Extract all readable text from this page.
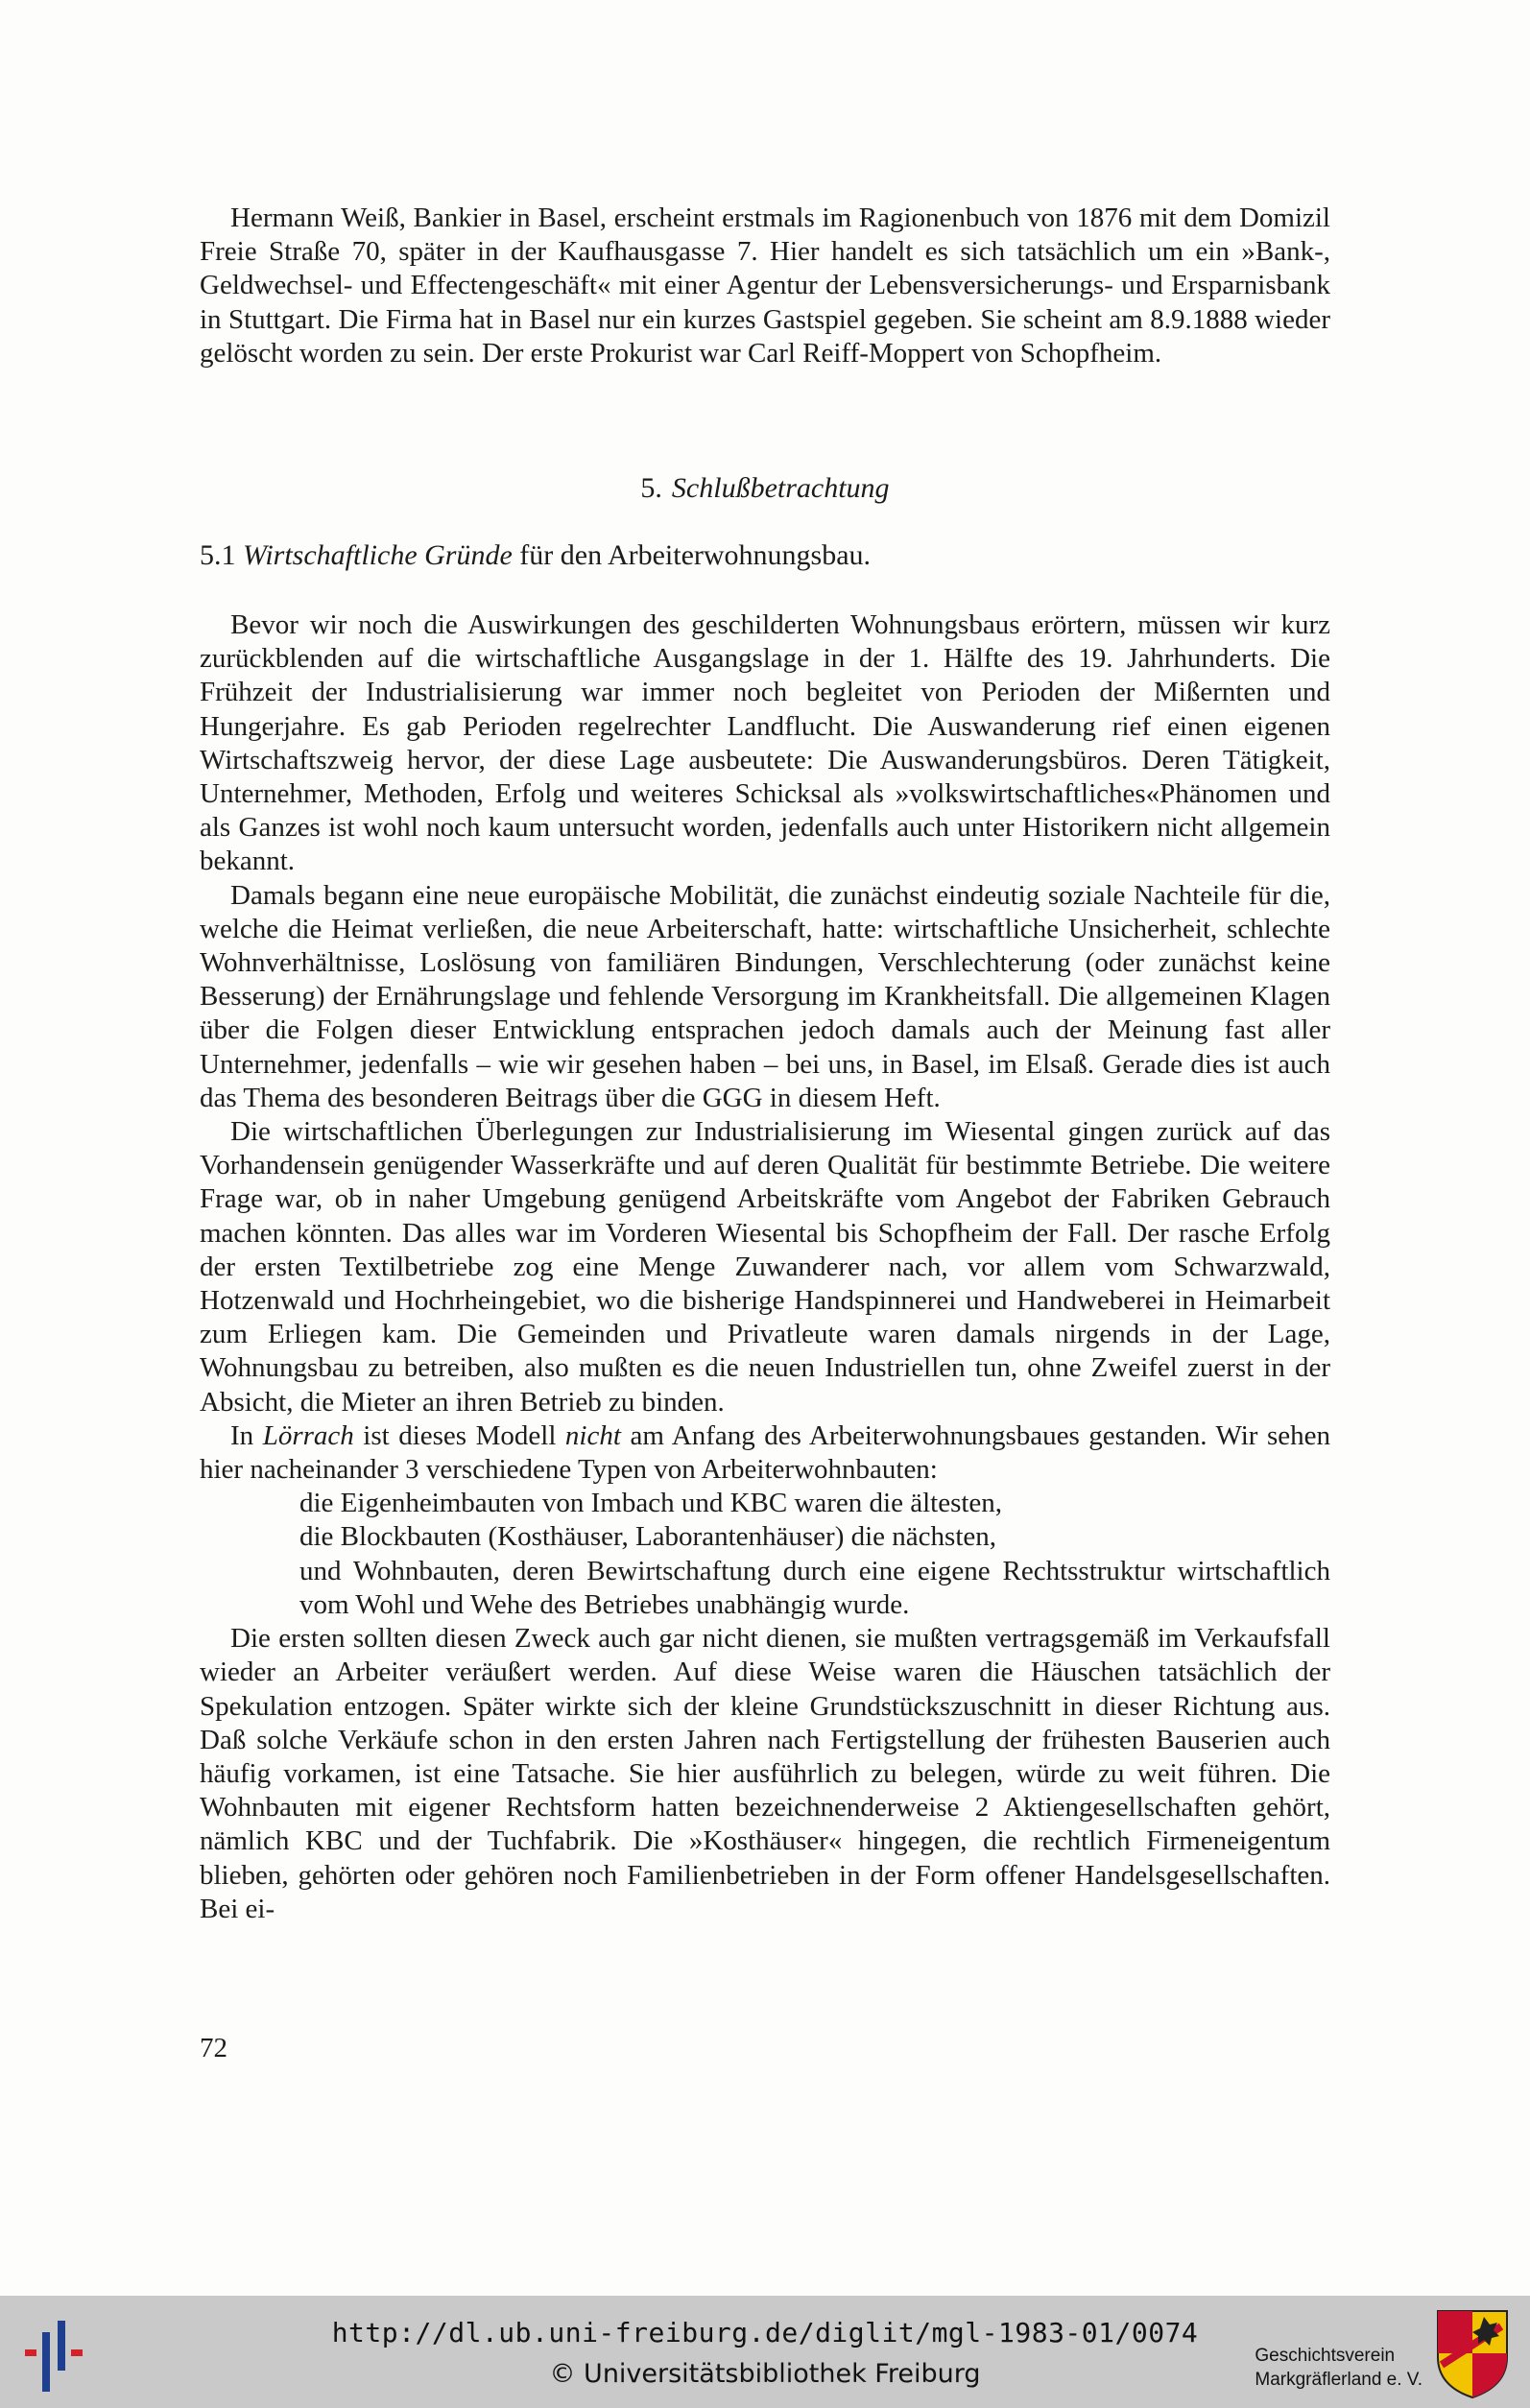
Hermann Weiß, Bankier in Basel, erscheint erstmals im Ragionenbuch von 1876 mit dem Domizil Freie Straße 70, später in der Kaufhausgasse 7. Hier handelt es sich tatsächlich um ein »Bank-, Geldwechsel- und Effectengeschäft« mit einer Agentur der Lebensversicherungs- und Ersparnisbank in Stuttgart. Die Firma hat in Basel nur ein kurzes Gastspiel gegeben. Sie scheint am 8.9.1888 wieder gelöscht worden zu sein. Der erste Prokurist war Carl Reiff-Moppert von Schopfheim.

5. Schlußbetrachtung
5.1 Wirtschaftliche Gründe für den Arbeiterwohnungsbau.

Bevor wir noch die Auswirkungen des geschilderten Wohnungsbaus erörtern, müssen wir kurz zurückblenden auf die wirtschaftliche Ausgangslage in der 1. Hälfte des 19. Jahrhunderts. Die Frühzeit der Industrialisierung war immer noch begleitet von Perioden der Mißernten und Hungerjahre. Es gab Perioden regelrechter Landflucht. Die Auswanderung rief einen eigenen Wirtschaftszweig hervor, der diese Lage ausbeutete: Die Auswanderungsbüros. Deren Tätigkeit, Unternehmer, Methoden, Erfolg und weiteres Schicksal als »volkswirtschaftliches«Phänomen und als Ganzes ist wohl noch kaum untersucht worden, jedenfalls auch unter Historikern nicht allgemein bekannt.

Damals begann eine neue europäische Mobilität, die zunächst eindeutig soziale Nachteile für die, welche die Heimat verließen, die neue Arbeiterschaft, hatte: wirtschaftliche Unsicherheit, schlechte Wohnverhältnisse, Loslösung von familiären Bindungen, Verschlechterung (oder zunächst keine Besserung) der Ernährungslage und fehlende Versorgung im Krankheitsfall. Die allgemeinen Klagen über die Folgen dieser Entwicklung entsprachen jedoch damals auch der Meinung fast aller Unternehmer, jedenfalls – wie wir gesehen haben – bei uns, in Basel, im Elsaß. Gerade dies ist auch das Thema des besonderen Beitrags über die GGG in diesem Heft.

Die wirtschaftlichen Überlegungen zur Industrialisierung im Wiesental gingen zurück auf das Vorhandensein genügender Wasserkräfte und auf deren Qualität für bestimmte Betriebe. Die weitere Frage war, ob in naher Umgebung genügend Arbeitskräfte vom Angebot der Fabriken Gebrauch machen könnten. Das alles war im Vorderen Wiesental bis Schopfheim der Fall. Der rasche Erfolg der ersten Textilbetriebe zog eine Menge Zuwanderer nach, vor allem vom Schwarzwald, Hotzenwald und Hochrheingebiet, wo die bisherige Handspinnerei und Handweberei in Heimarbeit zum Erliegen kam. Die Gemeinden und Privatleute waren damals nirgends in der Lage, Wohnungsbau zu betreiben, also mußten es die neuen Industriellen tun, ohne Zweifel zuerst in der Absicht, die Mieter an ihren Betrieb zu binden.

In Lörrach ist dieses Modell nicht am Anfang des Arbeiterwohnungsbaues gestanden. Wir sehen hier nacheinander 3 verschiedene Typen von Arbeiterwohnbauten:

die Eigenheimbauten von Imbach und KBC waren die ältesten,
die Blockbauten (Kosthäuser, Laborantenhäuser) die nächsten,
und Wohnbauten, deren Bewirtschaftung durch eine eigene Rechtsstruktur wirtschaftlich vom Wohl und Wehe des Betriebes unabhängig wurde.

Die ersten sollten diesen Zweck auch gar nicht dienen, sie mußten vertragsgemäß im Verkaufsfall wieder an Arbeiter veräußert werden. Auf diese Weise waren die Häuschen tatsächlich der Spekulation entzogen. Später wirkte sich der kleine Grundstückszuschnitt in dieser Richtung aus. Daß solche Verkäufe schon in den ersten Jahren nach Fertigstellung der frühesten Bauserien auch häufig vorkamen, ist eine Tatsache. Sie hier ausführlich zu belegen, würde zu weit führen. Die Wohnbauten mit eigener Rechtsform hatten bezeichnenderweise 2 Aktiengesellschaften gehört, nämlich KBC und der Tuchfabrik. Die »Kosthäuser« hingegen, die rechtlich Firmeneigentum blieben, gehörten oder gehören noch Familienbetrieben in der Form offener Handelsgesellschaften. Bei ei-

72
http://dl.ub.uni-freiburg.de/diglit/mgl-1983-01/0074
© Universitätsbibliothek Freiburg
Geschichtsverein
Markgräflerland e. V.
